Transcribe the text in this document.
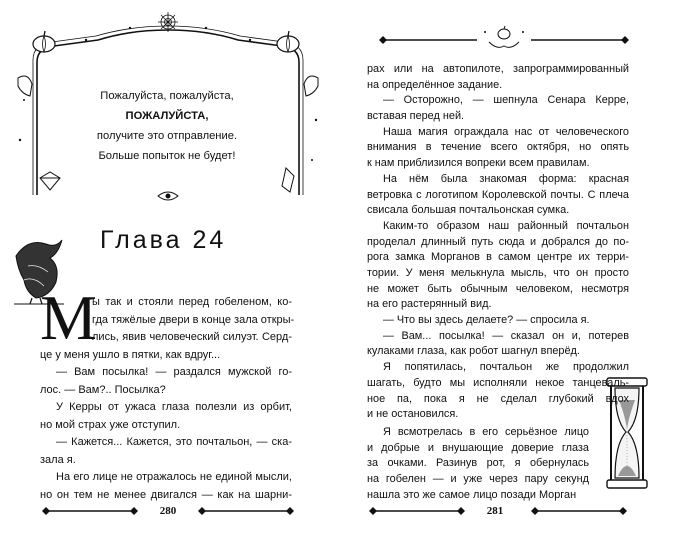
Пожалуйста, пожалуйста,
ПОЖАЛУЙСТА,
получите это отправление.
Больше попыток не будет!
Глава 24
М
ы так и стояли перед гобеленом, ко-
гда тяжёлые двери в конце зала откры-
лись, явив человеческий силуэт. Серд-
це у меня ушло в пятки, как вдруг...
— Вам посылка! — раздался мужской го-
лос. — Вам?.. Посылка?
У Керры от ужаса глаза полезли из орбит,
но мой страх уже отступил.
— Кажется... Кажется, это почтальон, — ска-
зала я.
На его лице не отражалось не единой мысли,
но он тем не менее двигался — как на шарни-
280
рах или на автопилоте, запрограммированный
на определённое задание.
— Осторожно, — шепнула Сенара Керре,
вставая перед ней.
Наша магия ограждала нас от человеческого
внимания в течение всего октября, но опять
к нам приблизился вопреки всем правилам.
На нём была знакомая форма: красная
ветровка с логотипом Королевской почты. С плеча
свисала большая почтальонская сумка.
Каким-то образом наш районный почтальон
проделал длинный путь сюда и добрался до по-
рога замка Морганов в самом центре их терри-
тории. У меня мелькнула мысль, что он просто
не может быть обычным человеком, несмотря
на его растерянный вид.
— Что вы здесь делаете? — спросила я.
— Вам... посылка! — сказал он и, потерев
кулаками глаза, как робот шагнул вперёд.
Я попятилась, почтальон же продолжил
шагать, будто мы исполняли некое танцеваль-
ное па, пока я не сделал глубокий вдох
и не остановился.
Я всмотрелась в его серьёзное лицо
и добрые и внушающие доверие глаза
за очками. Разинув рот, я обернулась
на гобелен — и уже через пару секунд
нашла это же самое лицо позади Морган
281
